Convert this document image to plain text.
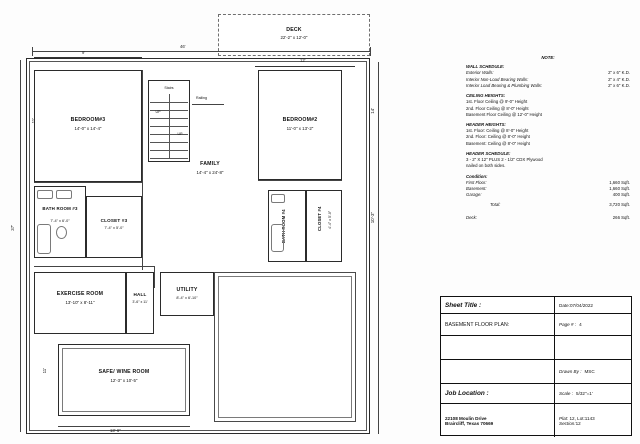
DECK
22'-2" x 12'-0"
46'
9'
12'
37'
14'
10'-3"
BEDROOM#3
14'-0" x 14'-4"
BEDROOM#2
11'-0" x 13'-2"
Stairs
UP
UP
Railing
FAMILY
14'-4" x 24'-8"
BATH ROOM #3
7'-4" x 6'-0"	CLOSET #3
7'-4" x 5'-0"	BATH ROOM #4	CLOSET #4	4'-4" x 5'-0"
EXERCISE ROOM
13'-10" x 8'-11"
HALL
3'-6" x 11'
UTILITY
8'-4" x 6'-10"
SAFE/ WINE ROOM
12'-3" x 10'-5"
13'-6"
11'
NOTE:
WALL SCHEDULE:
Exterior Walls:	2" x 6" K.D.
Interior Non-Load Bearing Walls:	2" x 4" K.D.
Interior Load Bearing & Plumbing Walls:	2" x 6" K.D.
CEILING HEIGHTS:
1st. Floor Ceiling @ 9'-0" Height
2nd. Floor Ceiling @ 8'-0" Height
Basement Floor Ceiling @ 12'-0" Height
HEADER HEIGHTS:
1st. Floor: Ceiling @ 8'-0" Height
2nd. Floor: Ceiling @ 8'-0" Height
Basement: Ceiling @ 8'-0" Height
HEADER SCHEDULE:
3 - 2" X 12" PLUS 2 - 1/2" CDX Plywood
nailed on both sides.
Condition:
First Floor:	1,660 Sqft.
Basement:	1,660 Sqft.
Garage:	400 Sqft.
Total:	3,720 Sqft.
Deck:	266 Sqft.
Sheet Title :	Date:07/04/2022
BASEMENT FLOOR PLAN:	Page # : 4
Drawn By : MSC
Job Location :	Scale : 5/32"=1'
22108 Moulin Drive
Braircliff, Texas 70669
Plat: 12, Lot:1143
Section:12
